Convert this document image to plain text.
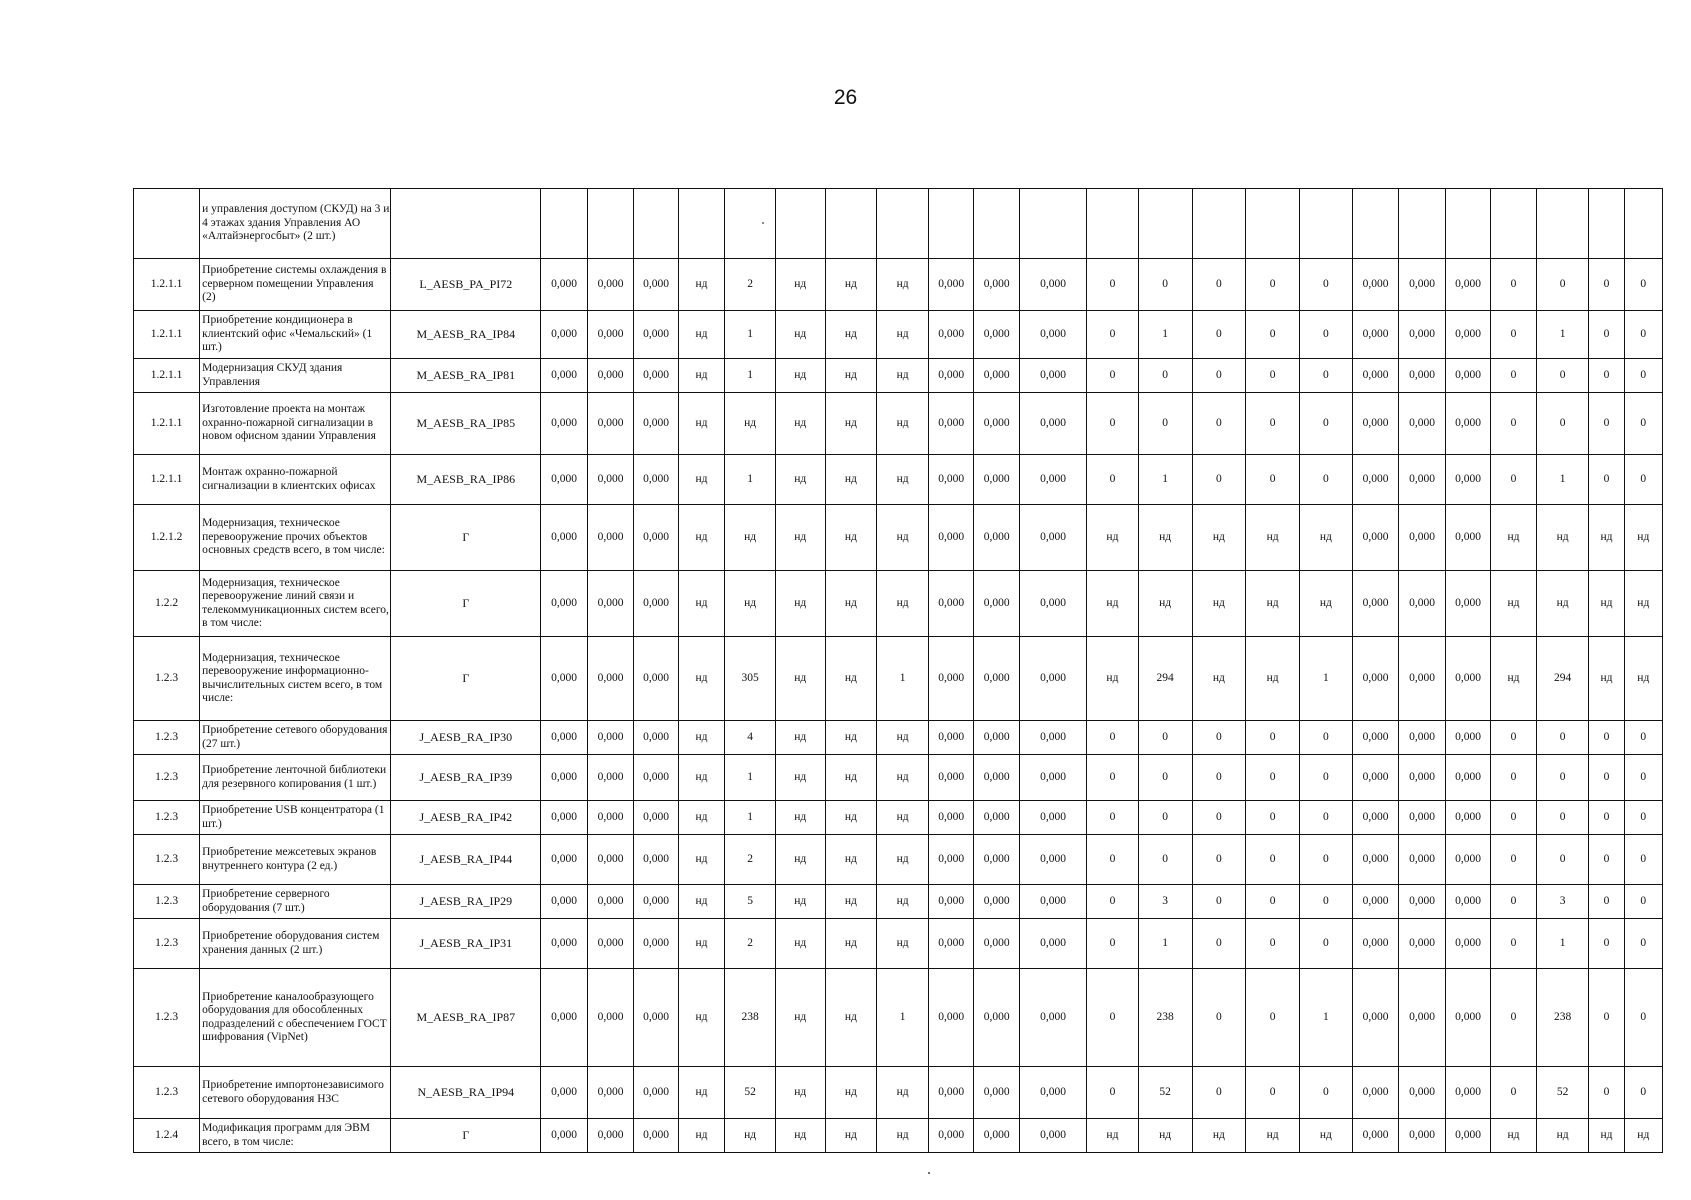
26
	и управления доступом (СКУД) на 3 и 4 этажах здания Управления АО «Алтайэнергосбыт» (2 шт.)																								
1.2.1.1	Приобретение системы охлаждения в серверном помещении Управления (2)	L_AESB_PA_PI72	0,000	0,000	0,000	нд	2	нд	нд	нд	0,000	0,000	0,000	0	0	0	0	0	0,000	0,000	0,000	0	0	0	0
1.2.1.1	Приобретение кондиционера в клиентский офис «Чемальский» (1 шт.)	M_AESB_RA_IP84	0,000	0,000	0,000	нд	1	нд	нд	нд	0,000	0,000	0,000	0	1	0	0	0	0,000	0,000	0,000	0	1	0	0
1.2.1.1	Модернизация СКУД здания Управления	M_AESB_RA_IP81	0,000	0,000	0,000	нд	1	нд	нд	нд	0,000	0,000	0,000	0	0	0	0	0	0,000	0,000	0,000	0	0	0	0
1.2.1.1	Изготовление проекта на монтаж охранно-пожарной сигнализации в новом офисном здании Управления	M_AESB_RA_IP85	0,000	0,000	0,000	нд	нд	нд	нд	нд	0,000	0,000	0,000	0	0	0	0	0	0,000	0,000	0,000	0	0	0	0
1.2.1.1	Монтаж охранно-пожарной сигнализации в клиентских офисах	M_AESB_RA_IP86	0,000	0,000	0,000	нд	1	нд	нд	нд	0,000	0,000	0,000	0	1	0	0	0	0,000	0,000	0,000	0	1	0	0
1.2.1.2	Модернизация, техническое перевооружение прочих объектов основных средств всего, в том числе:	Г	0,000	0,000	0,000	нд	нд	нд	нд	нд	0,000	0,000	0,000	нд	нд	нд	нд	нд	0,000	0,000	0,000	нд	нд	нд	нд
1.2.2	Модернизация, техническое перевооружение линий связи и телекоммуникационных систем всего, в том числе:	Г	0,000	0,000	0,000	нд	нд	нд	нд	нд	0,000	0,000	0,000	нд	нд	нд	нд	нд	0,000	0,000	0,000	нд	нд	нд	нд
1.2.3	Модернизация, техническое перевооружение информационно-вычислительных систем всего, в том числе:	Г	0,000	0,000	0,000	нд	305	нд	нд	1	0,000	0,000	0,000	нд	294	нд	нд	1	0,000	0,000	0,000	нд	294	нд	нд
1.2.3	Приобретение сетевого оборудования (27 шт.)	J_AESB_RA_IP30	0,000	0,000	0,000	нд	4	нд	нд	нд	0,000	0,000	0,000	0	0	0	0	0	0,000	0,000	0,000	0	0	0	0
1.2.3	Приобретение ленточной библиотеки для резервного копирования (1 шт.)	J_AESB_RA_IP39	0,000	0,000	0,000	нд	1	нд	нд	нд	0,000	0,000	0,000	0	0	0	0	0	0,000	0,000	0,000	0	0	0	0
1.2.3	Приобретение USB концентратора (1 шт.)	J_AESB_RA_IP42	0,000	0,000	0,000	нд	1	нд	нд	нд	0,000	0,000	0,000	0	0	0	0	0	0,000	0,000	0,000	0	0	0	0
1.2.3	Приобретение межсетевых экранов внутреннего контура (2 ед.)	J_AESB_RA_IP44	0,000	0,000	0,000	нд	2	нд	нд	нд	0,000	0,000	0,000	0	0	0	0	0	0,000	0,000	0,000	0	0	0	0
1.2.3	Приобретение серверного оборудования (7 шт.)	J_AESB_RA_IP29	0,000	0,000	0,000	нд	5	нд	нд	нд	0,000	0,000	0,000	0	3	0	0	0	0,000	0,000	0,000	0	3	0	0
1.2.3	Приобретение оборудования систем хранения данных (2 шт.)	J_AESB_RA_IP31	0,000	0,000	0,000	нд	2	нд	нд	нд	0,000	0,000	0,000	0	1	0	0	0	0,000	0,000	0,000	0	1	0	0
1.2.3	Приобретение каналообразующего оборудования для обособленных подразделений с обеспечением ГОСТ шифрования (VipNet)	M_AESB_RA_IP87	0,000	0,000	0,000	нд	238	нд	нд	1	0,000	0,000	0,000	0	238	0	0	1	0,000	0,000	0,000	0	238	0	0
1.2.3	Приобретение импортонезависимого сетевого оборудования НЗС	N_AESB_RA_IP94	0,000	0,000	0,000	нд	52	нд	нд	нд	0,000	0,000	0,000	0	52	0	0	0	0,000	0,000	0,000	0	52	0	0
1.2.4	Модификация программ для ЭВМ всего, в том числе:	Г	0,000	0,000	0,000	нд	нд	нд	нд	нд	0,000	0,000	0,000	нд	нд	нд	нд	нд	0,000	0,000	0,000	нд	нд	нд	нд
